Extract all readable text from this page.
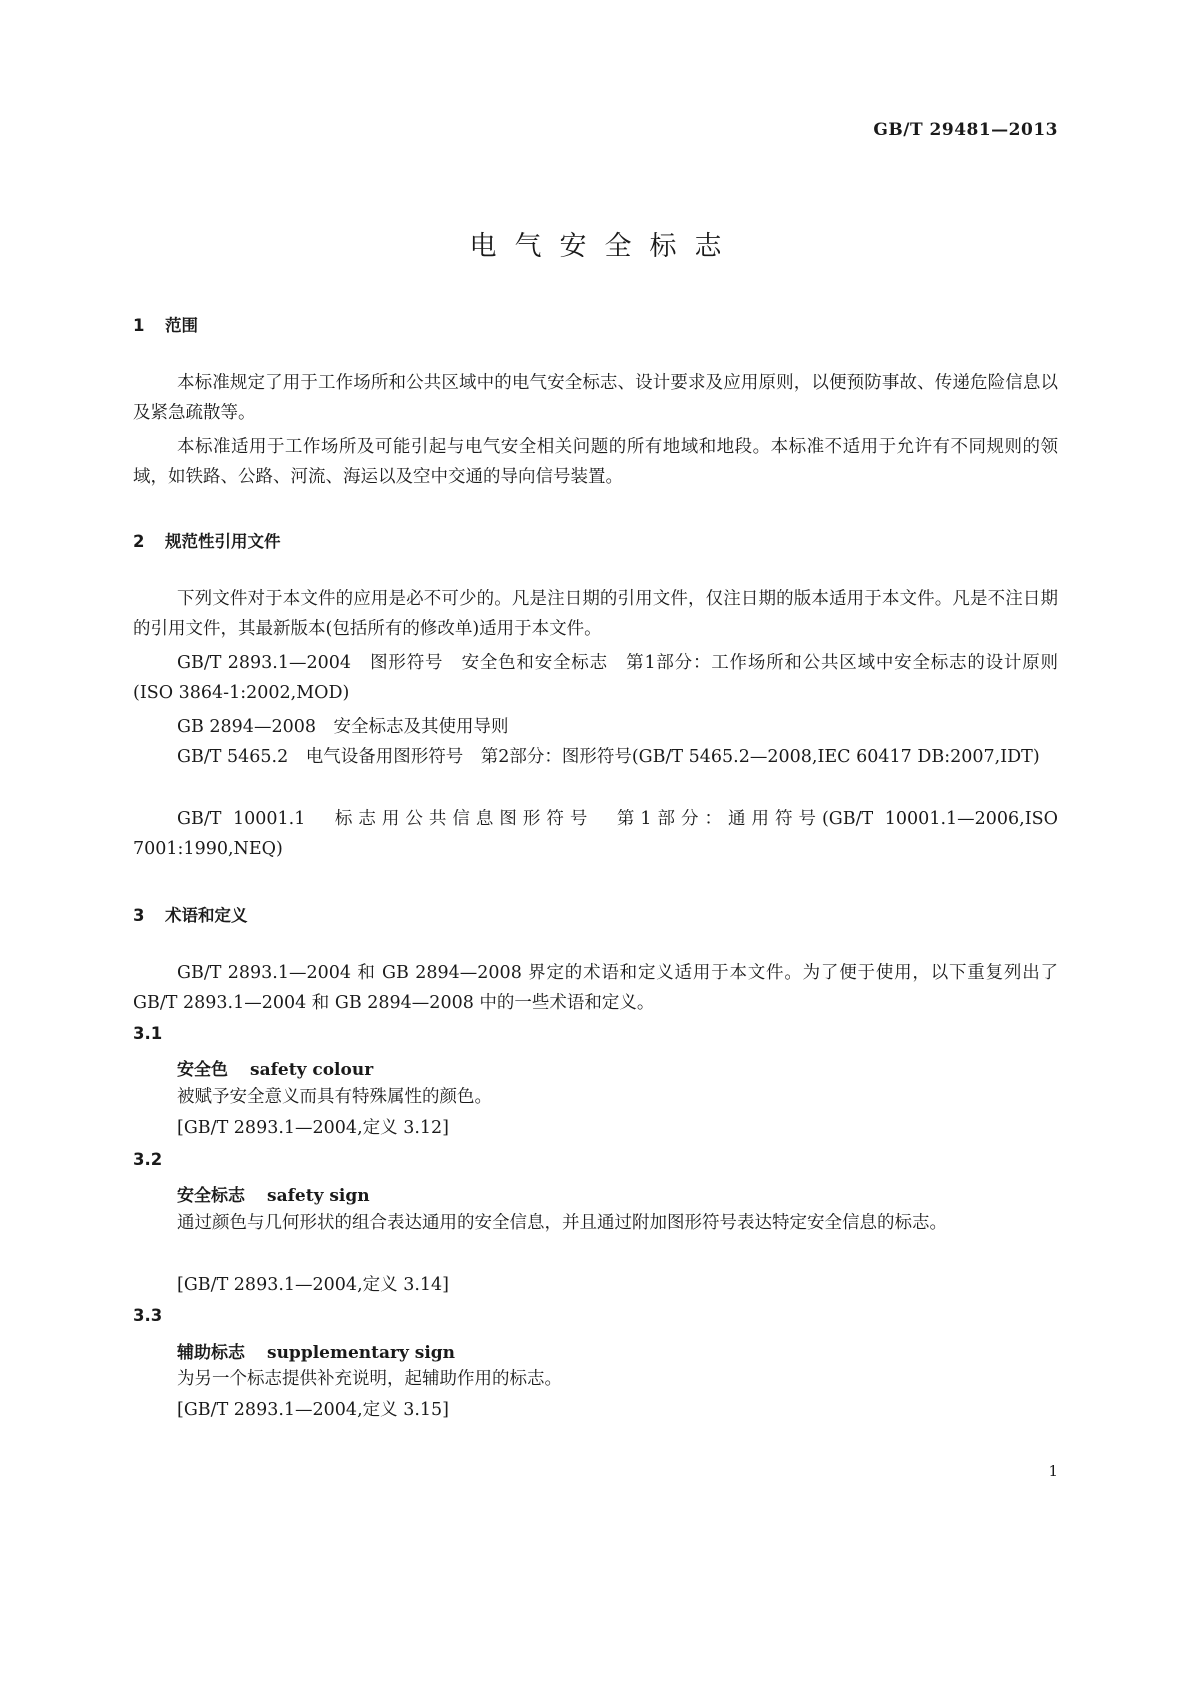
GB/T 29481—2013
电气安全标志
1 范围
本标准规定了用于工作场所和公共区域中的电气安全标志、设计要求及应用原则，以便预防事故、传递危险信息以及紧急疏散等。
本标准适用于工作场所及可能引起与电气安全相关问题的所有地域和地段。本标准不适用于允许有不同规则的领域，如铁路、公路、河流、海运以及空中交通的导向信号装置。
2 规范性引用文件
下列文件对于本文件的应用是必不可少的。凡是注日期的引用文件，仅注日期的版本适用于本文件。凡是不注日期的引用文件，其最新版本(包括所有的修改单)适用于本文件。
GB/T 2893.1—2004　图形符号　安全色和安全标志　第1部分：工作场所和公共区域中安全标志的设计原则(ISO 3864-1:2002,MOD)
GB 2894—2008　安全标志及其使用导则
GB/T 5465.2　电气设备用图形符号　第2部分：图形符号(GB/T 5465.2—2008,IEC 60417 DB:2007,IDT)
GB/T 10001.1　标志用公共信息图形符号　第1部分：通用符号(GB/T 10001.1—2006,ISO 7001:1990,NEQ)
3 术语和定义
GB/T 2893.1—2004 和 GB 2894—2008 界定的术语和定义适用于本文件。为了便于使用，以下重复列出了 GB/T 2893.1—2004 和 GB 2894—2008 中的一些术语和定义。
3.1
安全色 safety colour
被赋予安全意义而具有特殊属性的颜色。
[GB/T 2893.1—2004,定义 3.12]
3.2
安全标志 safety sign
通过颜色与几何形状的组合表达通用的安全信息，并且通过附加图形符号表达特定安全信息的标志。
[GB/T 2893.1—2004,定义 3.14]
3.3
辅助标志 supplementary sign
为另一个标志提供补充说明，起辅助作用的标志。
[GB/T 2893.1—2004,定义 3.15]
1
